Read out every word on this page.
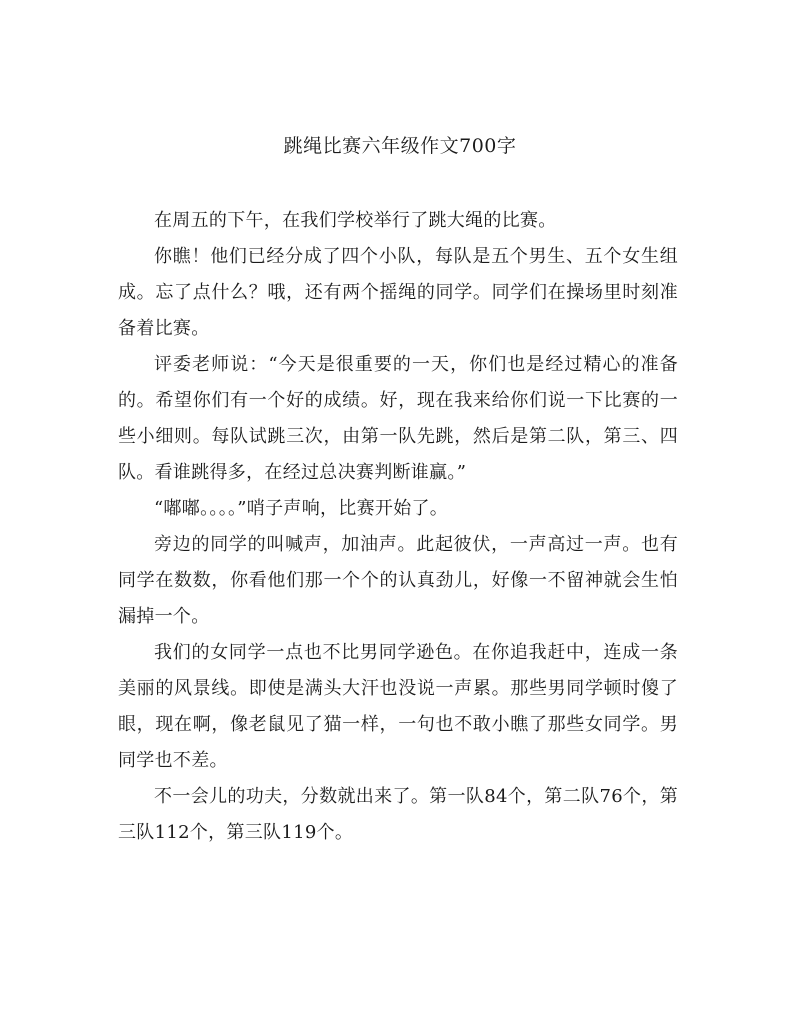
跳绳比赛六年级作文700字

在周五的下午，在我们学校举行了跳大绳的比赛。

你瞧！他们已经分成了四个小队，每队是五个男生、五个女生组成。忘了点什么？哦，还有两个摇绳的同学。同学们在操场里时刻准备着比赛。

评委老师说：“今天是很重要的一天，你们也是经过精心的准备的。希望你们有一个好的成绩。好，现在我来给你们说一下比赛的一些小细则。每队试跳三次，由第一队先跳，然后是第二队，第三、四队。看谁跳得多，在经过总决赛判断谁赢。”

“嘟嘟。。。。”哨子声响，比赛开始了。

旁边的同学的叫喊声，加油声。此起彼伏，一声高过一声。也有同学在数数，你看他们那一个个的认真劲儿，好像一不留神就会生怕漏掉一个。

我们的女同学一点也不比男同学逊色。在你追我赶中，连成一条美丽的风景线。即使是满头大汗也没说一声累。那些男同学顿时傻了眼，现在啊，像老鼠见了猫一样，一句也不敢小瞧了那些女同学。男同学也不差。

不一会儿的功夫，分数就出来了。第一队84个，第二队76个，第三队112个，第三队119个。
